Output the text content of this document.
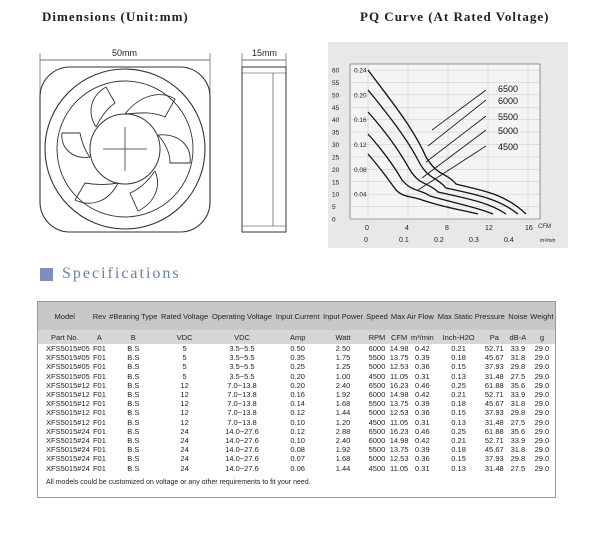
Dimensions (Unit:mm)
50mm	15mm
PQ Curve (At Rated Voltage)
60
55
50
45
40
35
30
25
20
15
10
5
0
0.24
0.20
0.16
0.12
0.08
0.04
0	4	8	12	16
0	0.1	0.2	0.3	0.4
CFM
m³/min
6500
6000
5500
5000
4500
Specifications
Model	Rev	#Bearing Type	Rated Voltage	Operating Voltage	Input Current	Input Power	Speed	Max Air Flow		Max Static Pressure		Noise	Weight
Part No.	A	B	VDC	VDC	Amp	Watt	RPM	CFM	m³/min	Inch-H2O	Pa	dB-A	g
XFS5015#05	F01	B.S	5	3.5~5.5	0.50	2.50	6000	14.98	0.42	0.21	52.71	33.9	29.0
XFS5015#05	F01	B.S	5	3.5~5.5	0.35	1.75	5500	13.75	0.39	0.18	45.67	31.8	29.0
XFS5015#05	F01	B.S	5	3.5~5.5	0.25	1.25	5000	12.53	0.36	0.15	37.93	29.8	29.0
XFS5015#05	F01	B.S	5	3.5~5.5	0.20	1.00	4500	11.05	0.31	0.13	31.48	27.5	29.0
XFS5015#12	F01	B.S	12	7.0~13.8	0.20	2.40	6500	16.23	0.46	0.25	61.88	35.6	29.0
XFS5015#12	F01	B.S	12	7.0~13.8	0.16	1.92	6000	14.98	0.42	0.21	52.71	33.9	29.0
XFS5015#12	F01	B.S	12	7.0~13.8	0.14	1.68	5500	13.75	0.39	0.18	45.67	31.8	29.0
XFS5015#12	F01	B.S	12	7.0~13.8	0.12	1.44	5000	12.53	0.36	0.15	37.93	29.8	29.0
XFS5015#12	F01	B.S	12	7.0~13.8	0.10	1.20	4500	11.05	0.31	0.13	31.48	27.5	29.0
XFS5015#24	F01	B.S	24	14.0~27.6	0.12	2.88	6500	16.23	0.46	0.25	61.88	35.6	29.0
XFS5015#24	F01	B.S	24	14.0~27.6	0.10	2.40	6000	14.98	0.42	0.21	52.71	33.9	29.0
XFS5015#24	F01	B.S	24	14.0~27.6	0.08	1.92	5500	13.75	0.39	0.18	45.67	31.8	29.0
XFS5015#24	F01	B.S	24	14.0~27.6	0.07	1.68	5000	12.53	0.36	0.15	37.93	29.8	29.0
XFS5015#24	F01	B.S	24	14.0~27.6	0.06	1.44	4500	11.05	0.31	0.13	31.48	27.5	29.0
All models could be customized on voltage or any other requirements to fit your need.
